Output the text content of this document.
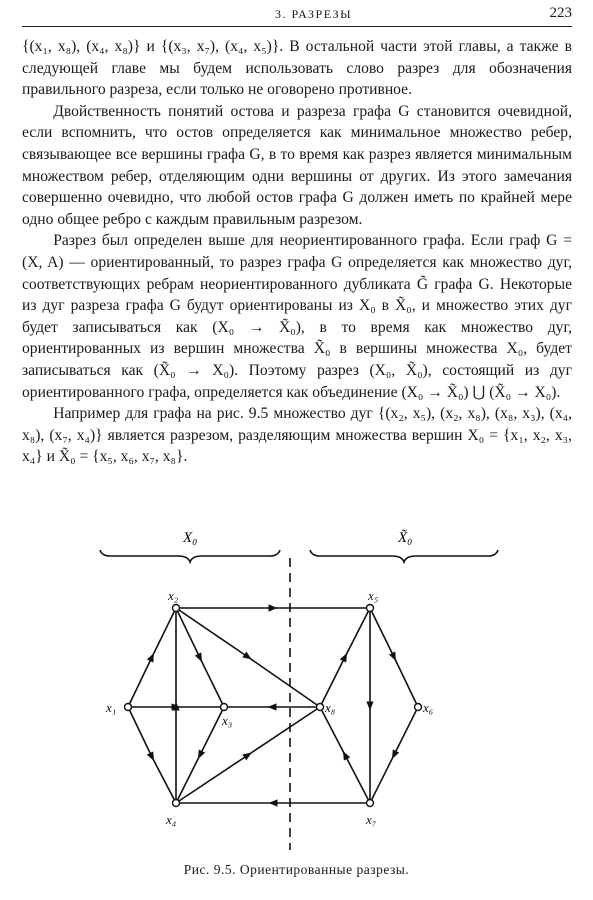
3. РАЗРЕЗЫ	223

{(x₁, x₈), (x₄, x₈)} и {(x₃, x₇), (x₄, x₅)}. В остальной части этой главы, а также в следующей главе мы будем использовать слово разрез для обозначения правильного разреза, если только не оговорено противное.

Двойственность понятий остова и разреза графа G становится очевидной, если вспомнить, что остов определяется как минимальное множество ребер, связывающее все вершины графа G, в то время как разрез является минимальным множеством ребер, отделяющим одни вершины от других. Из этого замечания совершенно очевидно, что любой остов графа G должен иметь по крайней мере одно общее ребро с каждым правильным разрезом.

Разрез был определен выше для неориентированного графа. Если граф G = (X, A) — ориентированный, то разрез графа G определяется как множество дуг, соответствующих ребрам неориентированного дубликата G̃ графа G. Некоторые из дуг разреза графа G будут ориентированы из X₀ в X̃₀, и множество этих дуг будет записываться как (X₀ → X̃₀), в то время как множество дуг, ориентированных из вершин множества X̃₀ в вершины множества X₀, будет записываться как (X̃₀ → X₀). Поэтому разрез (X₀, X̃₀), состоящий из дуг ориентированного графа, определяется как объединение (X₀ → X̃₀) ⋃ (X̃₀ → X₀).

Например для графа на рис. 9.5 множество дуг {(x₂, x₅), (x₂, x₈), (x₈, x₃), (x₄, x₈), (x₇, x₄)} является разрезом, разделяющим множества вершин X₀ = {x₁, x₂, x₃, x₄} и X̃₀ = {x₅, x₆, x₇, x₈}.

X₀	X̃₀
x₁
x₂
x₃
x₄
x₅
x₆
x₇
x₈
Рис. 9.5. Ориентированные разрезы.
